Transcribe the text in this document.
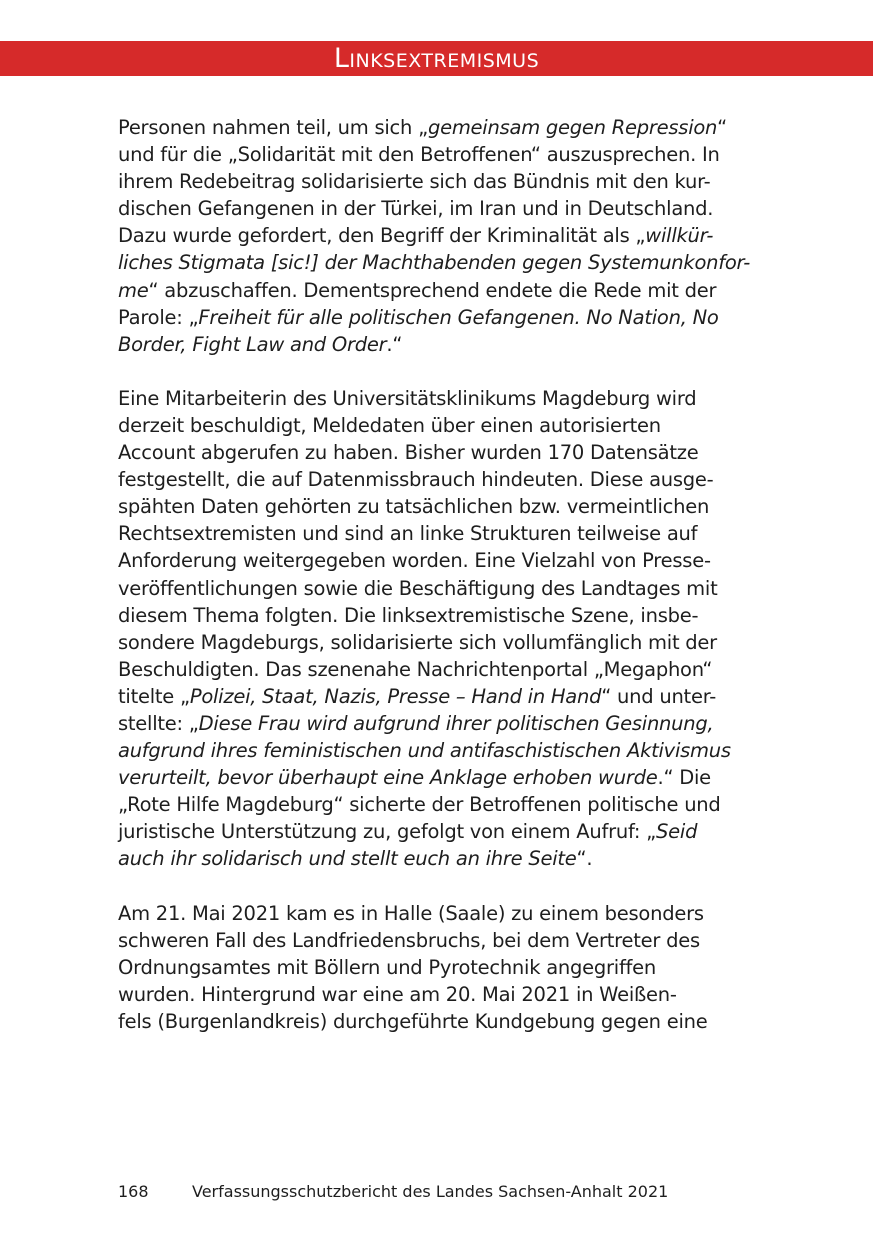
Linksextremismus

Personen nahmen teil, um sich „gemeinsam gegen Repression“
und für die „Solidarität mit den Betroffenen“ auszusprechen. In
ihrem Redebeitrag solidarisierte sich das Bündnis mit den kur-
dischen Gefangenen in der Türkei, im Iran und in Deutschland.
Dazu wurde gefordert, den Begriff der Kriminalität als „willkür-
liches Stigmata [sic!] der Machthabenden gegen Systemunkonfor-
me“ abzuschaffen. Dementsprechend endete die Rede mit der
Parole: „Freiheit für alle politischen Gefangenen. No Nation, No
Border, Fight Law and Order.“

Eine Mitarbeiterin des Universitätsklinikums Magdeburg wird
derzeit beschuldigt, Meldedaten über einen autorisierten
Account abgerufen zu haben. Bisher wurden 170 Datensätze
festgestellt, die auf Datenmissbrauch hindeuten. Diese ausge-
spähten Daten gehörten zu tatsächlichen bzw. vermeintlichen
Rechtsextremisten und sind an linke Strukturen teilweise auf
Anforderung weitergegeben worden. Eine Vielzahl von Presse-
veröffentlichungen sowie die Beschäftigung des Landtages mit
diesem Thema folgten. Die linksextremistische Szene, insbe-
sondere Magdeburgs, solidarisierte sich vollumfänglich mit der
Beschuldigten. Das szenenahe Nachrichtenportal „Megaphon“
titelte „Polizei, Staat, Nazis, Presse – Hand in Hand“ und unter-
stellte: „Diese Frau wird aufgrund ihrer politischen Gesinnung,
aufgrund ihres feministischen und antifaschistischen Aktivismus
verurteilt, bevor überhaupt eine Anklage erhoben wurde.“ Die
„Rote Hilfe Magdeburg“ sicherte der Betroffenen politische und
juristische Unterstützung zu, gefolgt von einem Aufruf: „Seid
auch ihr solidarisch und stellt euch an ihre Seite“.

Am 21. Mai 2021 kam es in Halle (Saale) zu einem besonders
schweren Fall des Landfriedensbruchs, bei dem Vertreter des
Ordnungsamtes mit Böllern und Pyrotechnik angegriffen
wurden. Hintergrund war eine am 20. Mai 2021 in Weißen-
fels (Burgenlandkreis) durchgeführte Kundgebung gegen eine

168	Verfassungsschutzbericht des Landes Sachsen-Anhalt 2021
